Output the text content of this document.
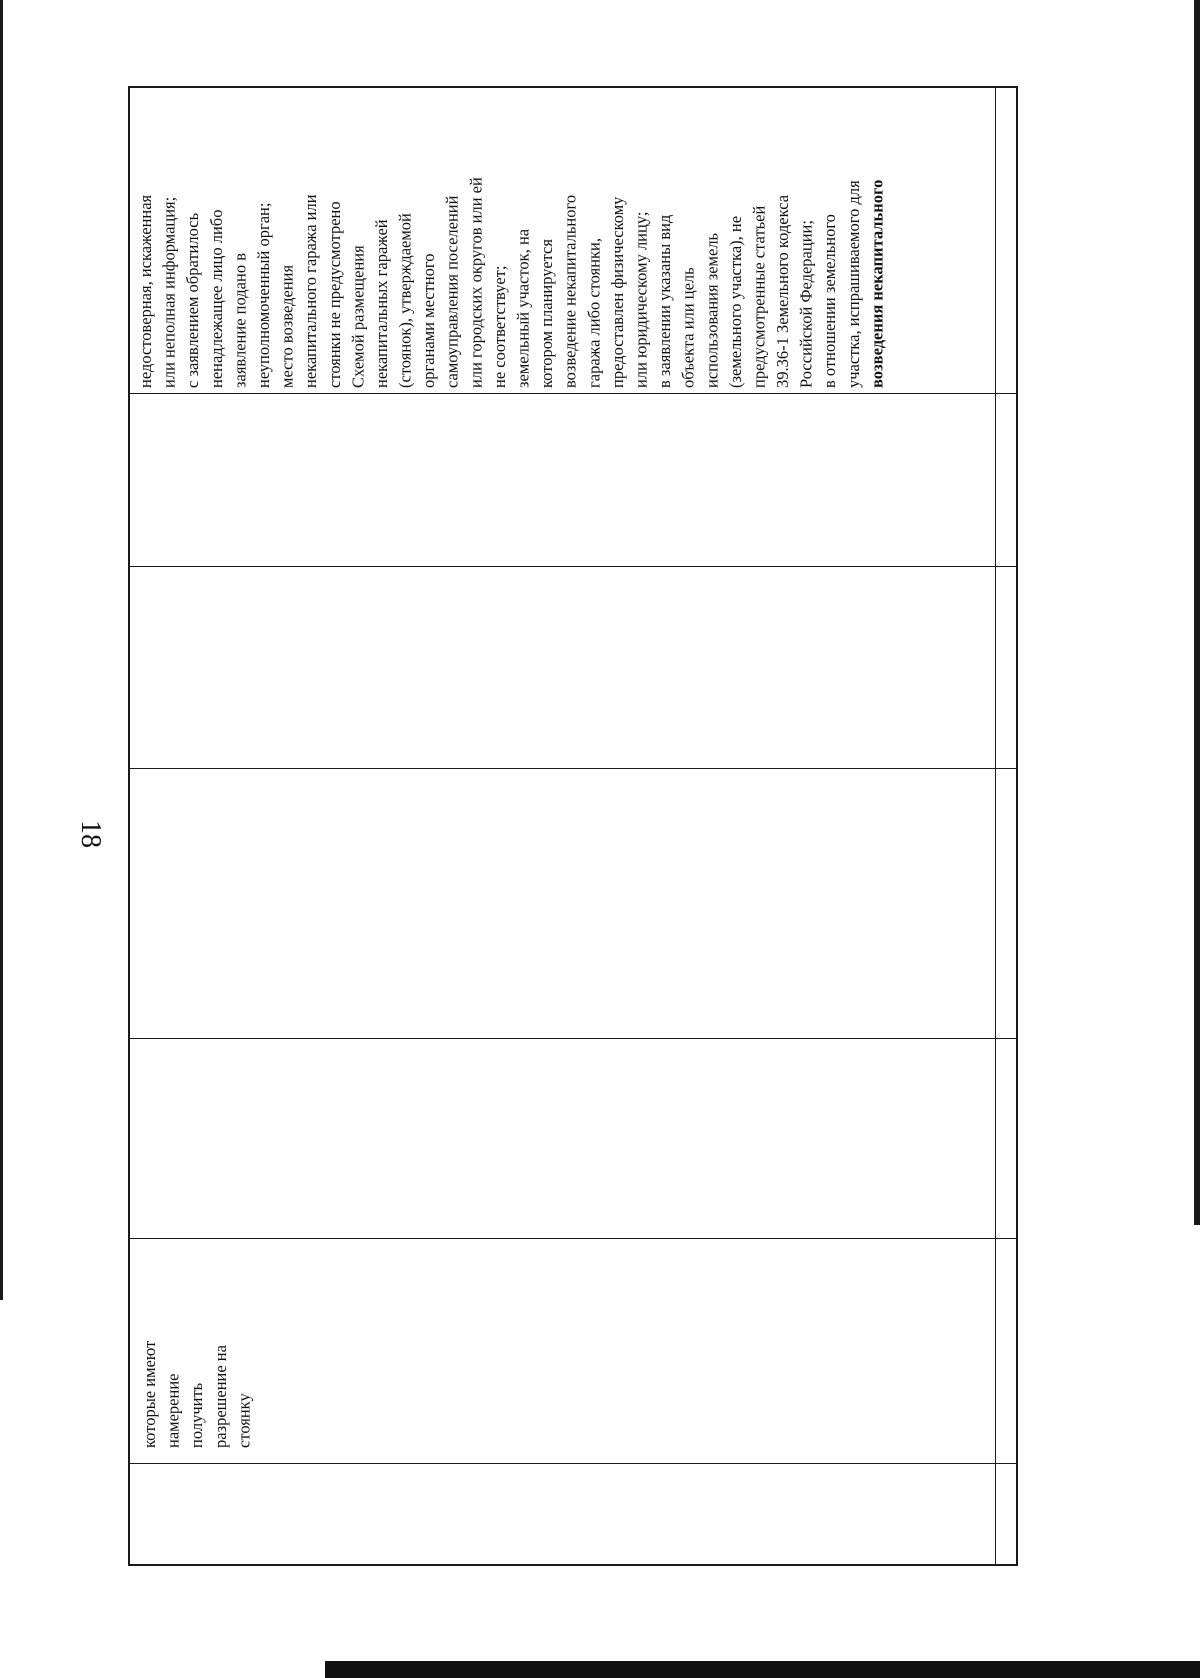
18
которые имеют намерение получить разрешение на стоянку
недостоверная, искаженная или неполная информация; с заявлением обратилось ненадлежащее лицо либо заявление подано в неуполномоченный орган; место возведения некапитального гаража или стоянки не предусмотрено Схемой размещения некапитальных гаражей (стоянок), утверждаемой органами местного самоуправления поселений или городских округов или ей не соответствует; земельный участок, на котором планируется возведение некапитального гаража либо стоянки, предоставлен физическому или юридическому лицу; в заявлении указаны вид объекта или цель использования земель (земельного участка), не предусмотренные статьей 39.36-1 Земельного кодекса Российской Федерации; в отношении земельного участка, испрашиваемого для возведения некапитального
